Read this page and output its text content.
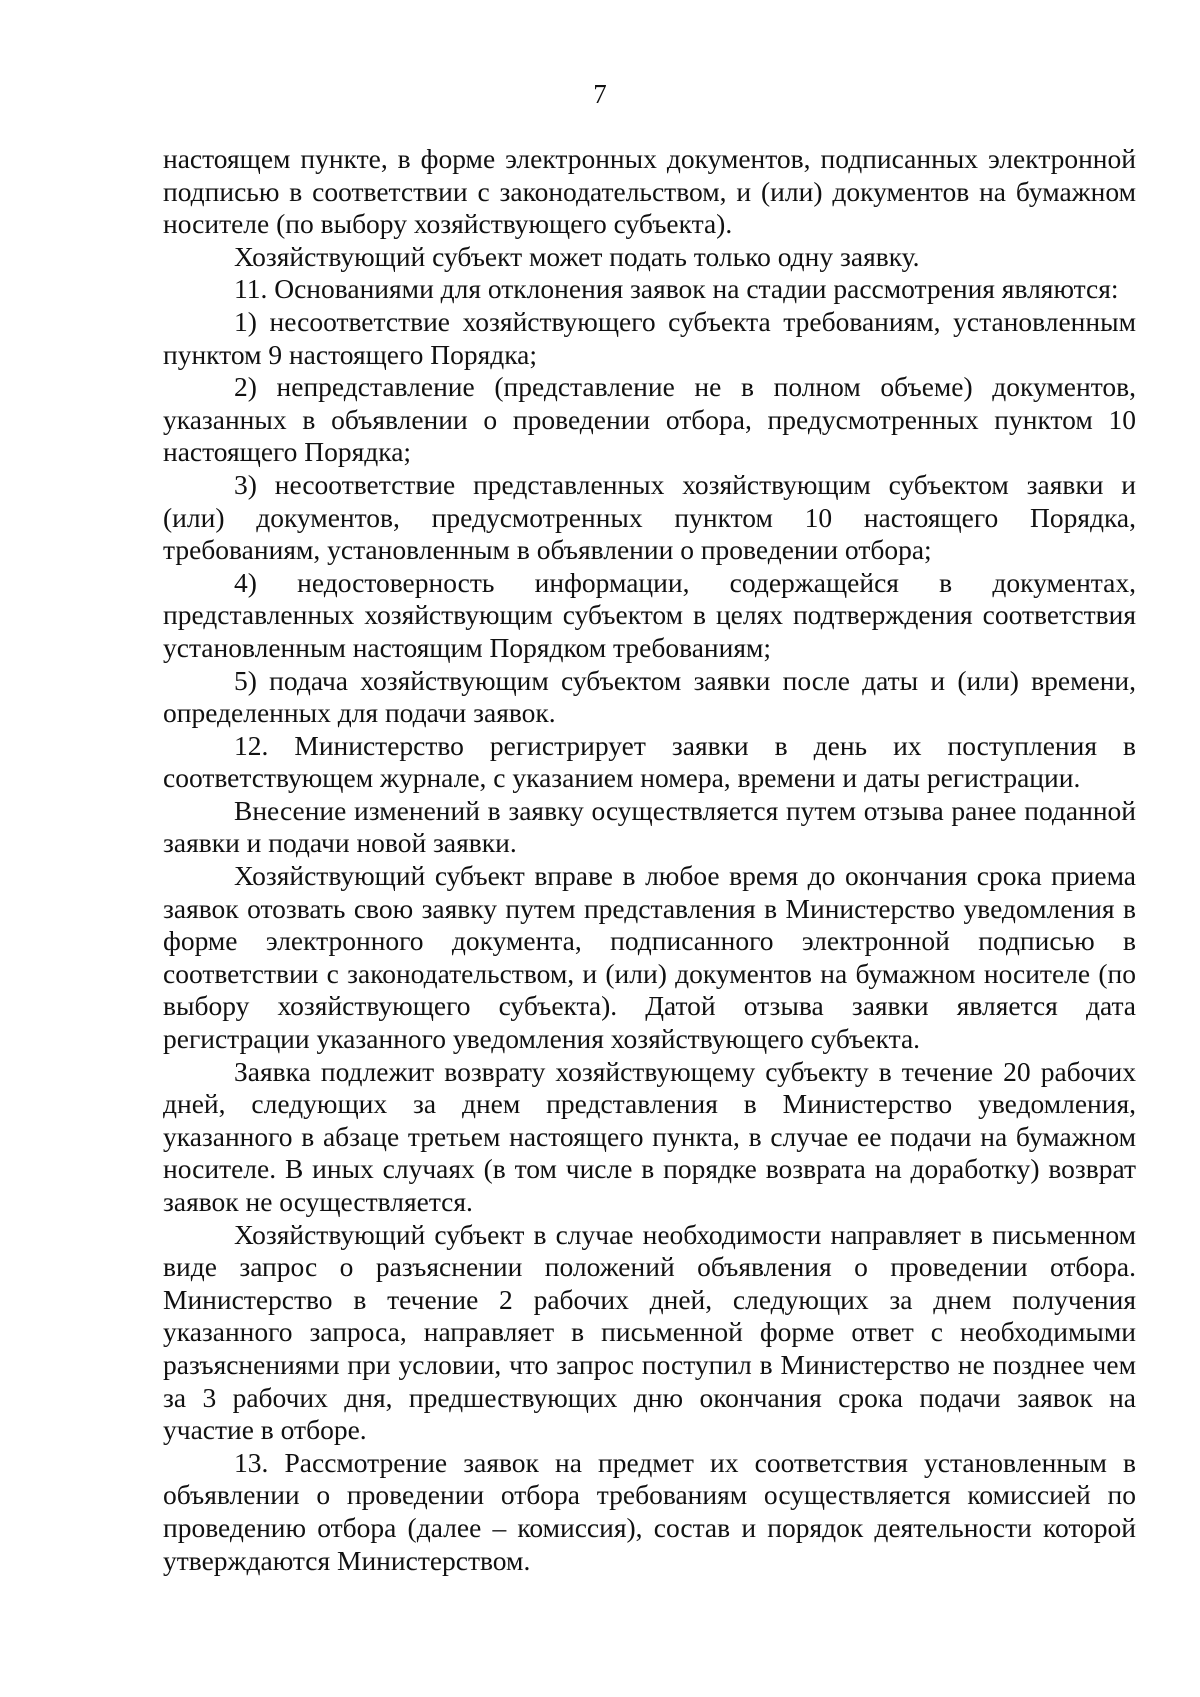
7

настоящем пункте, в форме электронных документов, подписанных электронной подписью в соответствии с законодательством, и (или) документов на бумажном носителе (по выбору хозяйствующего субъекта).

Хозяйствующий субъект может подать только одну заявку.

11. Основаниями для отклонения заявок на стадии рассмотрения являются:

1) несоответствие хозяйствующего субъекта требованиям, установленным пунктом 9 настоящего Порядка;

2) непредставление (представление не в полном объеме) документов, указанных в объявлении о проведении отбора, предусмотренных пунктом 10 настоящего Порядка;

3) несоответствие представленных хозяйствующим субъектом заявки и (или) документов, предусмотренных пунктом 10 настоящего Порядка, требованиям, установленным в объявлении о проведении отбора;

4) недостоверность информации, содержащейся в документах, представленных хозяйствующим субъектом в целях подтверждения соответствия установленным настоящим Порядком требованиям;

5) подача хозяйствующим субъектом заявки после даты и (или) времени, определенных для подачи заявок.

12. Министерство регистрирует заявки в день их поступления в соответствующем журнале, с указанием номера, времени и даты регистрации.

Внесение изменений в заявку осуществляется путем отзыва ранее поданной заявки и подачи новой заявки.

Хозяйствующий субъект вправе в любое время до окончания срока приема заявок отозвать свою заявку путем представления в Министерство уведомления в форме электронного документа, подписанного электронной подписью в соответствии с законодательством, и (или) документов на бумажном носителе (по выбору хозяйствующего субъекта). Датой отзыва заявки является дата регистрации указанного уведомления хозяйствующего субъекта.

Заявка подлежит возврату хозяйствующему субъекту в течение 20 рабочих дней, следующих за днем представления в Министерство уведомления, указанного в абзаце третьем настоящего пункта, в случае ее подачи на бумажном носителе. В иных случаях (в том числе в порядке возврата на доработку) возврат заявок не осуществляется.

Хозяйствующий субъект в случае необходимости направляет в письменном виде запрос о разъяснении положений объявления о проведении отбора. Министерство в течение 2 рабочих дней, следующих за днем получения указанного запроса, направляет в письменной форме ответ с необходимыми разъяснениями при условии, что запрос поступил в Министерство не позднее чем за 3 рабочих дня, предшествующих дню окончания срока подачи заявок на участие в отборе.

13. Рассмотрение заявок на предмет их соответствия установленным в объявлении о проведении отбора требованиям осуществляется комиссией по проведению отбора (далее – комиссия), состав и порядок деятельности которой утверждаются Министерством.
